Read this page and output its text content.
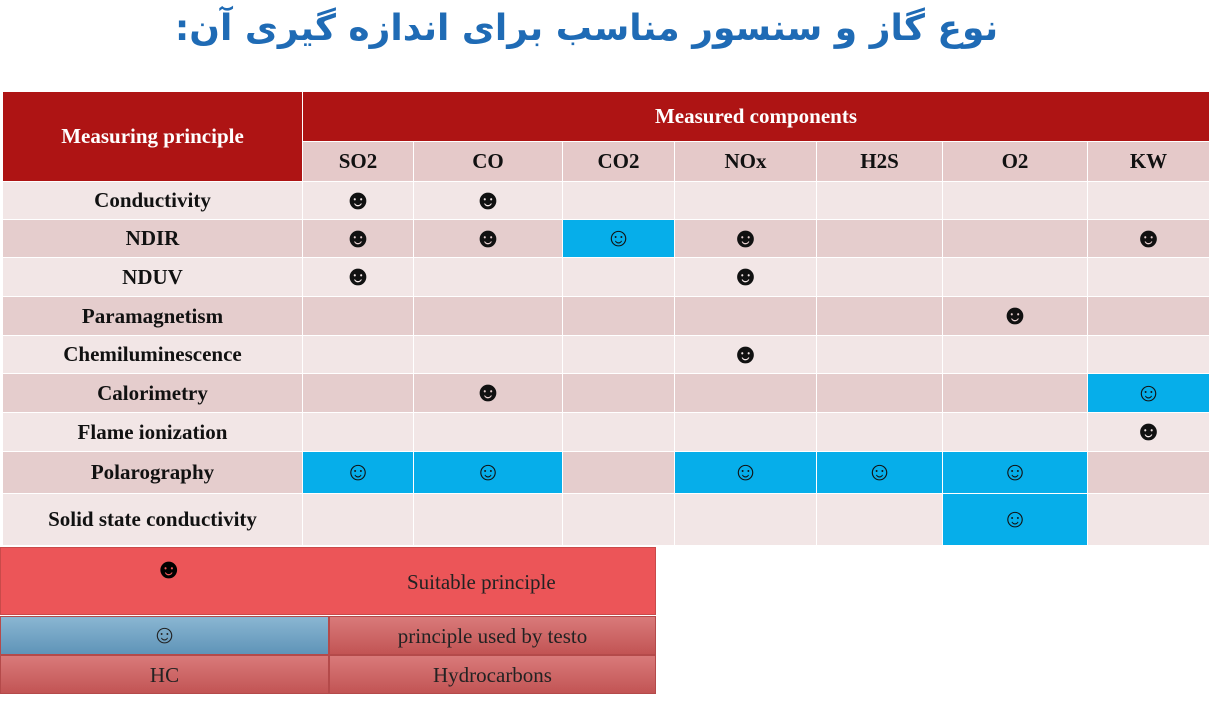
نوع گاز و سنسور مناسب برای اندازه گیری آن:
Measuring principle	Measured components						
	SO2	CO	CO2	NOx	H2S	O2	KW
Conductivity	☻	☻					
NDIR	☻	☻	☺	☻			☻
NDUV	☻			☻			
Paramagnetism						☻	
Chemiluminescence				☻			
Calorimetry		☻					☺
Flame ionization							☻
Polarography	☺	☺		☺	☺	☺	
Solid state conductivity						☺	
☻	Suitable principle
☺	principle used by testo
HC	Hydrocarbons
